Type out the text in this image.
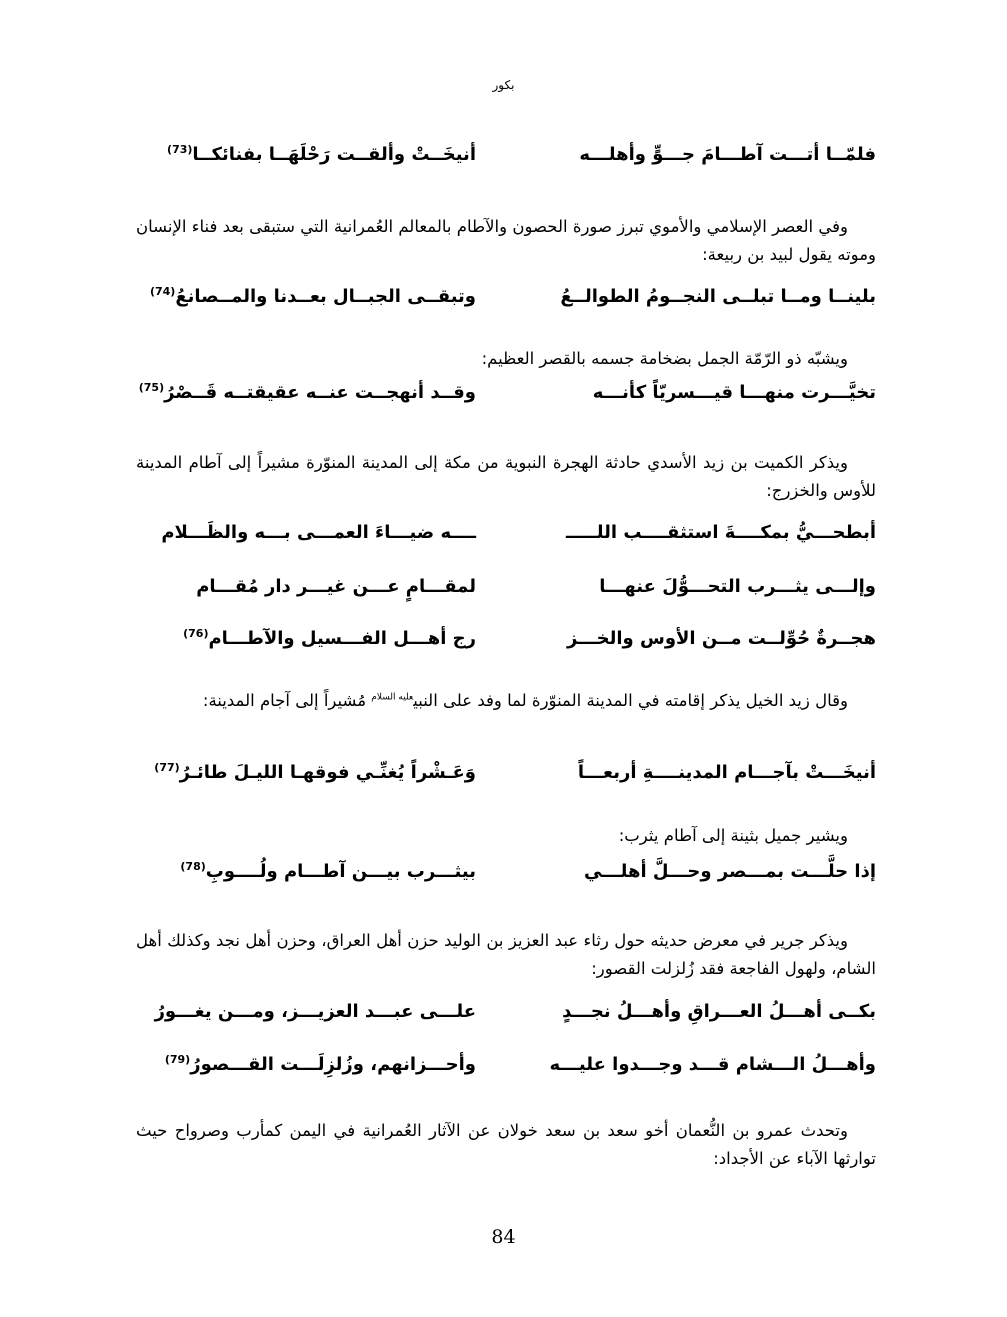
بكور
فلمّــا أتـــت آطـــامَ جـــوٍّ وأهلـــه
أنيخَــتْ وألقــت رَحْلَهَــا بفنائكــا$^{(73)}$
وفي العصر الإسلامي والأموي تبرز صورة الحصون والآطام بالمعالم العُمرانية التي ستبقى بعد فناء الإنسان وموته يقول لبيد بن ربيعة:
بلينــا ومــا تبلــى النجــومُ الطوالــعُ
وتبقــى الجبــال بعــدنا والمــصانعُ$^{(74)}$
ويشبّه ذو الرّمّة الجمل بضخامة جسمه بالقصر العظيم:
تخيَّـــرت منهـــا قيـــسريّاً كأنـــه
وقــد أنهجــت عنــه عقيقتــه قَــصْرُ$^{(75)}$
ويذكر الكميت بن زيد الأسدي حادثة الهجرة النبوية من مكة إلى المدينة المنوّرة مشيراً إلى آطام المدينة للأوس والخزرج:
أبطحـــيُّ بمكــــةَ استثقــــب اللـــــ
ــــه ضيـــاءَ العمـــى بـــه والظَـــلام
وإلـــى يثـــرب التحـــوُّلَ عنهـــا
لمقـــامٍ عـــن غيـــر دار مُقـــام
هجــرةٌ حُوِّلــت مــن الأوس والخـــز
رج أهـــل الفـــسيل والآطـــام$^{(76)}$
وقال زيد الخيل يذكر إقامته في المدينة المنوّرة لما وفد على النبي$^{عليه السلام}$ مُشيراً إلى آجام المدينة:
أنيخَـــتْ بآجـــام المدينــــةِ أربعـــاً
وَعَـشْراً يُغنِّـي فوقهـا الليـلَ طائـرُ$^{(77)}$
ويشير جميل بثينة إلى آطام يثرب:
إذا حلَّـــت بمـــصر وحـــلَّ أهلـــي
بيثـــرب بيـــن آطـــام ولُــــوبِ$^{(78)}$
ويذكر جرير في معرض حديثه حول رثاء عبد العزيز بن الوليد حزن أهل العراق، وحزن أهل نجد وكذلك أهل الشام، ولهول الفاجعة فقد زُلزلت القصور:
بكــى أهـــلُ العـــراقِ وأهـــلُ نجـــدٍ
علـــى عبـــد العزيـــز، ومـــن يغـــورُ
وأهـــلُ الـــشام قـــد وجـــدوا عليـــه
وأحـــزانهم، وزُلزِلَـــت القـــصورُ$^{(79)}$
وتحدث عمرو بن النُّعمان أخو سعد بن سعد خولان عن الآثار العُمرانية في اليمن كمأرب وصرواح حيث توارثها الآباء عن الأجداد:
84
